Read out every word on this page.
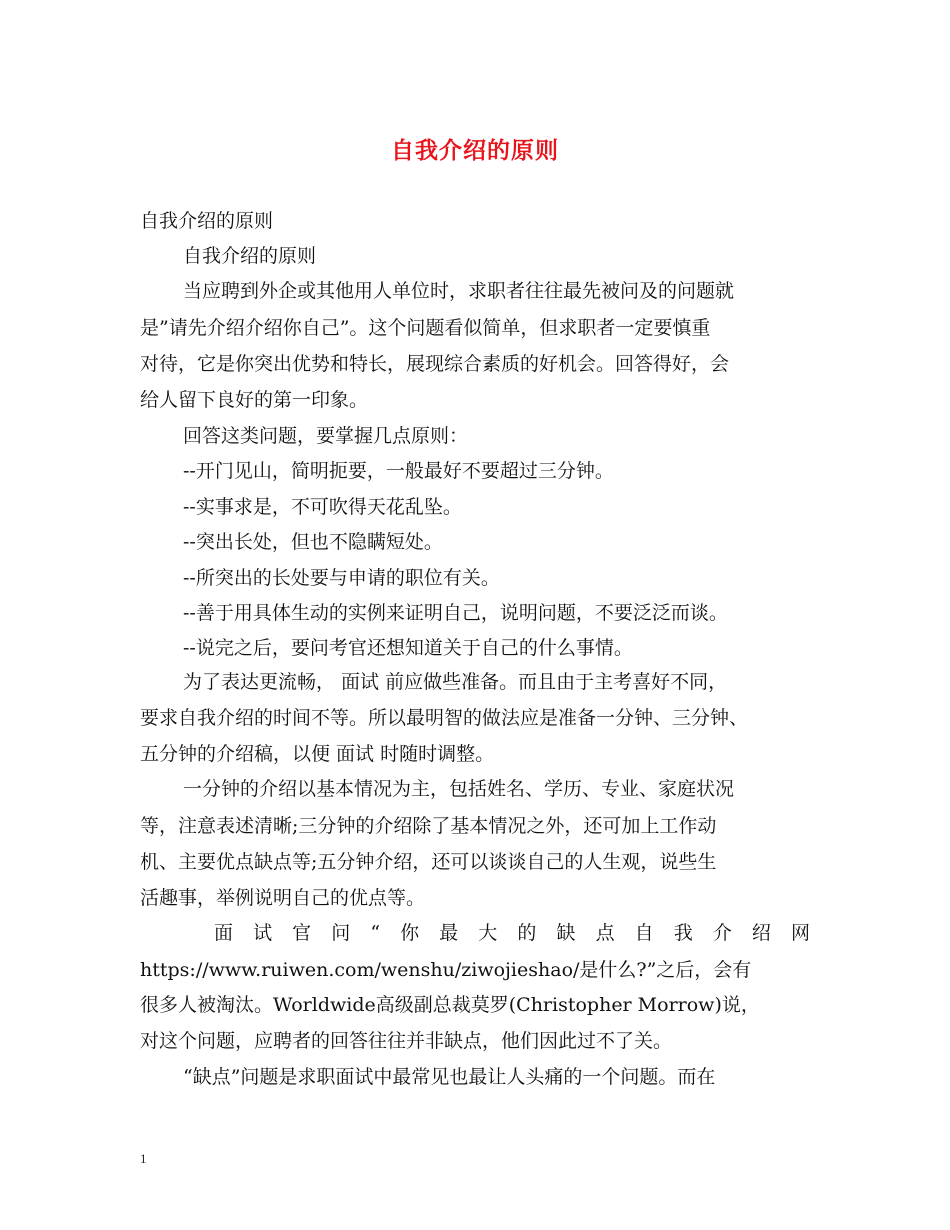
自我介绍的原则
自我介绍的原则
自我介绍的原则
当应聘到外企或其他用人单位时，求职者往往最先被问及的问题就
是”请先介绍介绍你自己”。这个问题看似简单，但求职者一定要慎重
对待，它是你突出优势和特长，展现综合素质的好机会。回答得好，会
给人留下良好的第一印象。
回答这类问题，要掌握几点原则：
--开门见山，简明扼要，一般最好不要超过三分钟。
--实事求是，不可吹得天花乱坠。
--突出长处，但也不隐瞒短处。
--所突出的长处要与申请的职位有关。
--善于用具体生动的实例来证明自己，说明问题，不要泛泛而谈。
--说完之后，要问考官还想知道关于自己的什么事情。
为了表达更流畅， 面试 前应做些准备。而且由于主考喜好不同，
要求自我介绍的时间不等。所以最明智的做法应是准备一分钟、三分钟、
五分钟的介绍稿，以便 面试 时随时调整。
一分钟的介绍以基本情况为主，包括姓名、学历、专业、家庭状况
等，注意表述清晰;三分钟的介绍除了基本情况之外，还可加上工作动
机、主要优点缺点等;五分钟介绍，还可以谈谈自己的人生观，说些生
活趣事，举例说明自己的优点等。
面试官问“你最大的缺点自我介绍网
https://www.ruiwen.com/wenshu/ziwojieshao/是什么?”之后，会有
很多人被淘汰。Worldwide高级副总裁莫罗(Christopher Morrow)说，
对这个问题，应聘者的回答往往并非缺点，他们因此过不了关。
“缺点”问题是求职面试中最常见也最让人头痛的一个问题。而在
1
